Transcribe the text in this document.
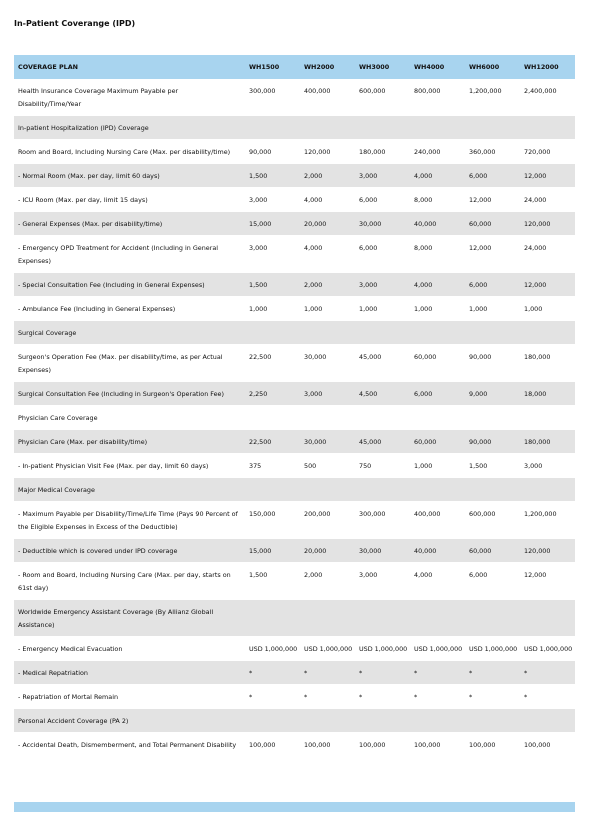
In-Patient Coverange (IPD)
COVERAGE PLAN	WH1500	WH2000	WH3000	WH4000	WH6000	WH12000
Health Insurance Coverage Maximum Payable per Disability/Time/Year	300,000	400,000	600,000	800,000	1,200,000	2,400,000
In-patient Hospitalization (IPD) Coverage						
Room and Board, Including Nursing Care (Max. per disability/time)	90,000	120,000	180,000	240,000	360,000	720,000
- Normal Room (Max. per day, limit 60 days)	1,500	2,000	3,000	4,000	6,000	12,000
- ICU Room (Max. per day, limit 15 days)	3,000	4,000	6,000	8,000	12,000	24,000
- General Expenses (Max. per disability/time)	15,000	20,000	30,000	40,000	60,000	120,000
- Emergency OPD Treatment for Accident (Including in General Expenses)	3,000	4,000	6,000	8,000	12,000	24,000
- Special Consultation Fee (Including in General Expenses)	1,500	2,000	3,000	4,000	6,000	12,000
- Ambulance Fee (Including in General Expenses)	1,000	1,000	1,000	1,000	1,000	1,000
Surgical Coverage						
Surgeon's Operation Fee (Max. per disability/time, as per Actual Expenses)	22,500	30,000	45,000	60,000	90,000	180,000
Surgical Consultation Fee (Including in Surgeon's Operation Fee)	2,250	3,000	4,500	6,000	9,000	18,000
Physician Care Coverage						
Physician Care (Max. per disability/time)	22,500	30,000	45,000	60,000	90,000	180,000
- In-patient Physician Visit Fee (Max. per day, limit 60 days)	375	500	750	1,000	1,500	3,000
Major Medical Coverage						
- Maximum Payable per Disability/Time/Life Time (Pays 90 Percent of the Eligible Expenses in Excess of the Deductible)	150,000	200,000	300,000	400,000	600,000	1,200,000
- Deductible which is covered under IPD coverage	15,000	20,000	30,000	40,000	60,000	120,000
- Room and Board, Including Nursing Care (Max. per day, starts on 61st day)	1,500	2,000	3,000	4,000	6,000	12,000
Worldwide Emergency Assistant Coverage (By Allianz Globall Assistance)						
- Emergency Medical Evacuation	USD 1,000,000	USD 1,000,000	USD 1,000,000	USD 1,000,000	USD 1,000,000	USD 1,000,000
- Medical Repatriation	*	*	*	*	*	*
- Repatriation of Mortal Remain	*	*	*	*	*	*
Personal Accident Coverage (PA 2)						
- Accidental Death, Dismemberment, and Total Permanent Disability	100,000	100,000	100,000	100,000	100,000	100,000
